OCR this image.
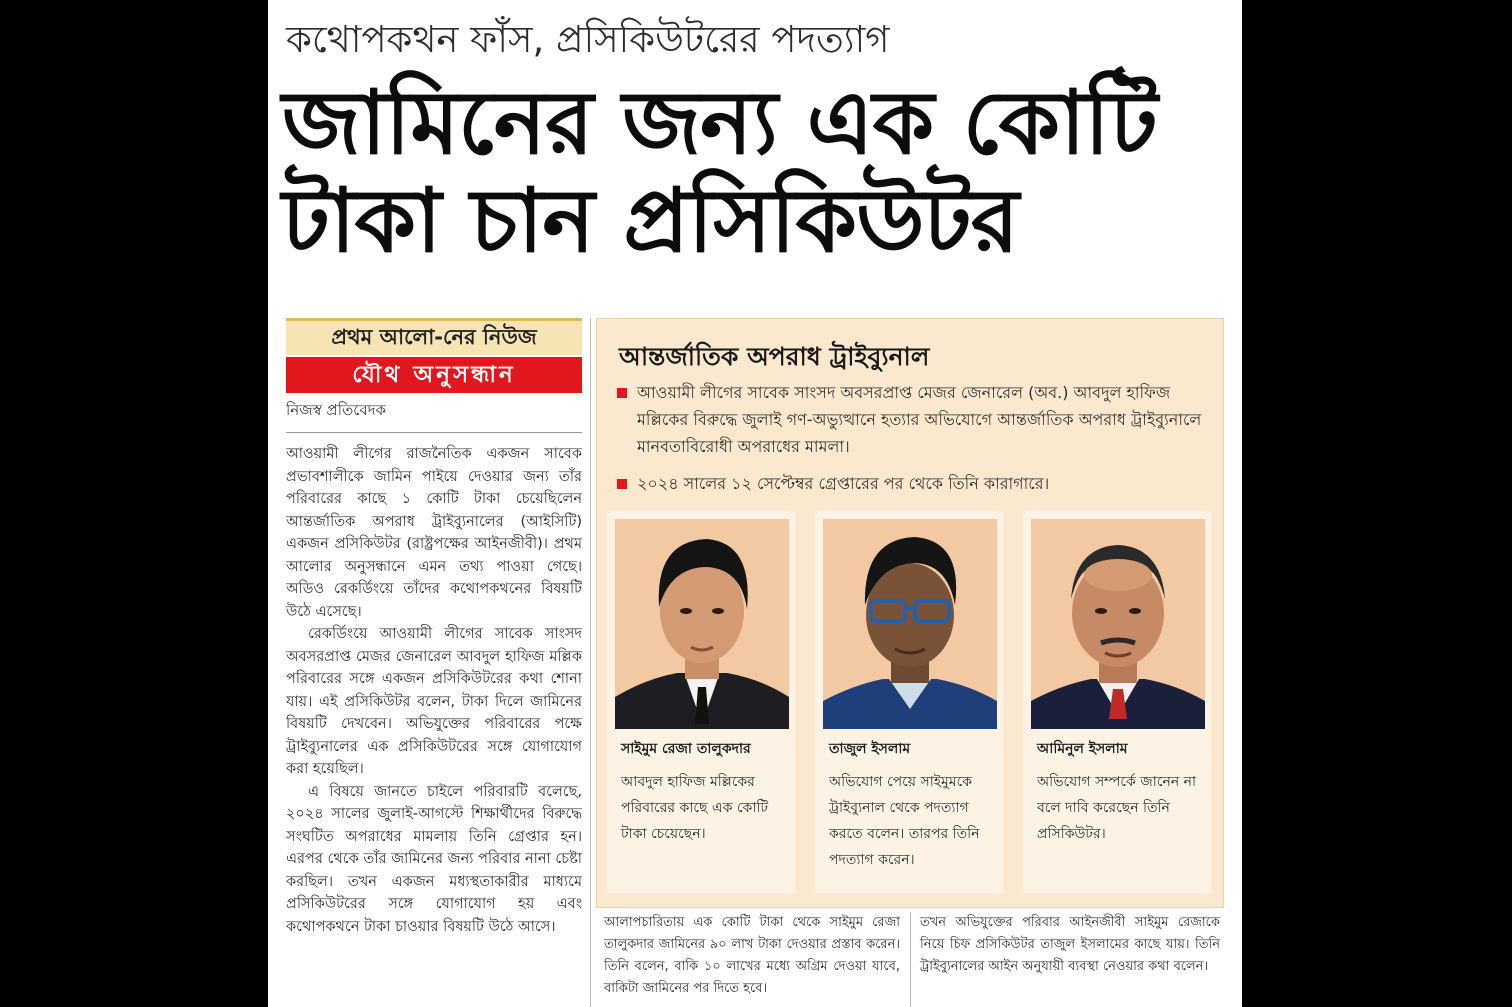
কথোপকথন ফাঁস, প্রসিকিউটরের পদত্যাগ
জামিনের জন্য এক কোটি
টাকা চান প্রসিকিউটর
প্রথম আলো-নের নিউজ
যৌথ অনুসন্ধান
নিজস্ব প্রতিবেদক

আওয়ামী লীগের রাজনৈতিক একজন সাবেক প্রভাবশালীকে জামিন পাইয়ে দেওয়ার জন্য তাঁর পরিবারের কাছে ১ কোটি টাকা চেয়েছিলেন আন্তর্জাতিক অপরাধ ট্রাইব্যুনালের (আইসিটি) একজন প্রসিকিউটর (রাষ্ট্রপক্ষের আইনজীবী)। প্রথম আলোর অনুসন্ধানে এমন তথ্য পাওয়া গেছে। অডিও রেকর্ডিংয়ে তাঁদের কথোপকথনের বিষয়টি উঠে এসেছে।

রেকর্ডিংয়ে আওয়ামী লীগের সাবেক সাংসদ অবসরপ্রাপ্ত মেজর জেনারেল আবদুল হাফিজ মল্লিক পরিবারের সঙ্গে একজন প্রসিকিউটরের কথা শোনা যায়। এই প্রসিকিউটর বলেন, টাকা দিলে জামিনের বিষয়টি দেখবেন। অভিযুক্তের পরিবারের পক্ষে ট্রাইব্যুনালের এক প্রসিকিউটরের সঙ্গে যোগাযোগ করা হয়েছিল।

এ বিষয়ে জানতে চাইলে পরিবারটি বলেছে, ২০২৪ সালের জুলাই-আগস্টে শিক্ষার্থীদের বিরুদ্ধে সংঘটিত অপরাধের মামলায় তিনি গ্রেপ্তার হন। এরপর থেকে তাঁর জামিনের জন্য পরিবার নানা চেষ্টা করছিল। তখন একজন মধ্যস্থতাকারীর মাধ্যমে প্রসিকিউটরের সঙ্গে যোগাযোগ হয় এবং কথোপকথনে টাকা চাওয়ার বিষয়টি উঠে আসে।

আন্তর্জাতিক অপরাধ ট্রাইব্যুনাল
আওয়ামী লীগের সাবেক সাংসদ অবসরপ্রাপ্ত মেজর জেনারেল (অব.) আবদুল হাফিজ মল্লিকের বিরুদ্ধে জুলাই গণ-অভ্যুত্থানে হত্যার অভিযোগে আন্তর্জাতিক অপরাধ ট্রাইব্যুনালে মানবতাবিরোধী অপরাধের মামলা।
২০২৪ সালের ১২ সেপ্টেম্বর গ্রেপ্তারের পর থেকে তিনি কারাগারে।
সাইমুম রেজা তালুকদার
আবদুল হাফিজ মল্লিকের পরিবারের কাছে এক কোটি টাকা চেয়েছেন।
তাজুল ইসলাম
অভিযোগ পেয়ে সাইমুমকে ট্রাইব্যুনাল থেকে পদত্যাগ করতে বলেন। তারপর তিনি পদত্যাগ করেন।
আমিনুল ইসলাম
অভিযোগ সম্পর্কে জানেন না বলে দাবি করেছেন তিনি প্রসিকিউটর।
আলাপচারিতায় এক কোটি টাকা থেকে সাইমুম রেজা তালুকদার জামিনের ৯০ লাখ টাকা দেওয়ার প্রস্তাব করেন। তিনি বলেন, বাকি ১০ লাখের মধ্যে অগ্রিম দেওয়া যাবে, বাকিটা জামিনের পর দিতে হবে।
তখন অভিযুক্তের পরিবার আইনজীবী সাইমুম রেজাকে নিয়ে চিফ প্রসিকিউটর তাজুল ইসলামের কাছে যায়। তিনি ট্রাইব্যুনালের আইন অনুযায়ী ব্যবস্থা নেওয়ার কথা বলেন।
